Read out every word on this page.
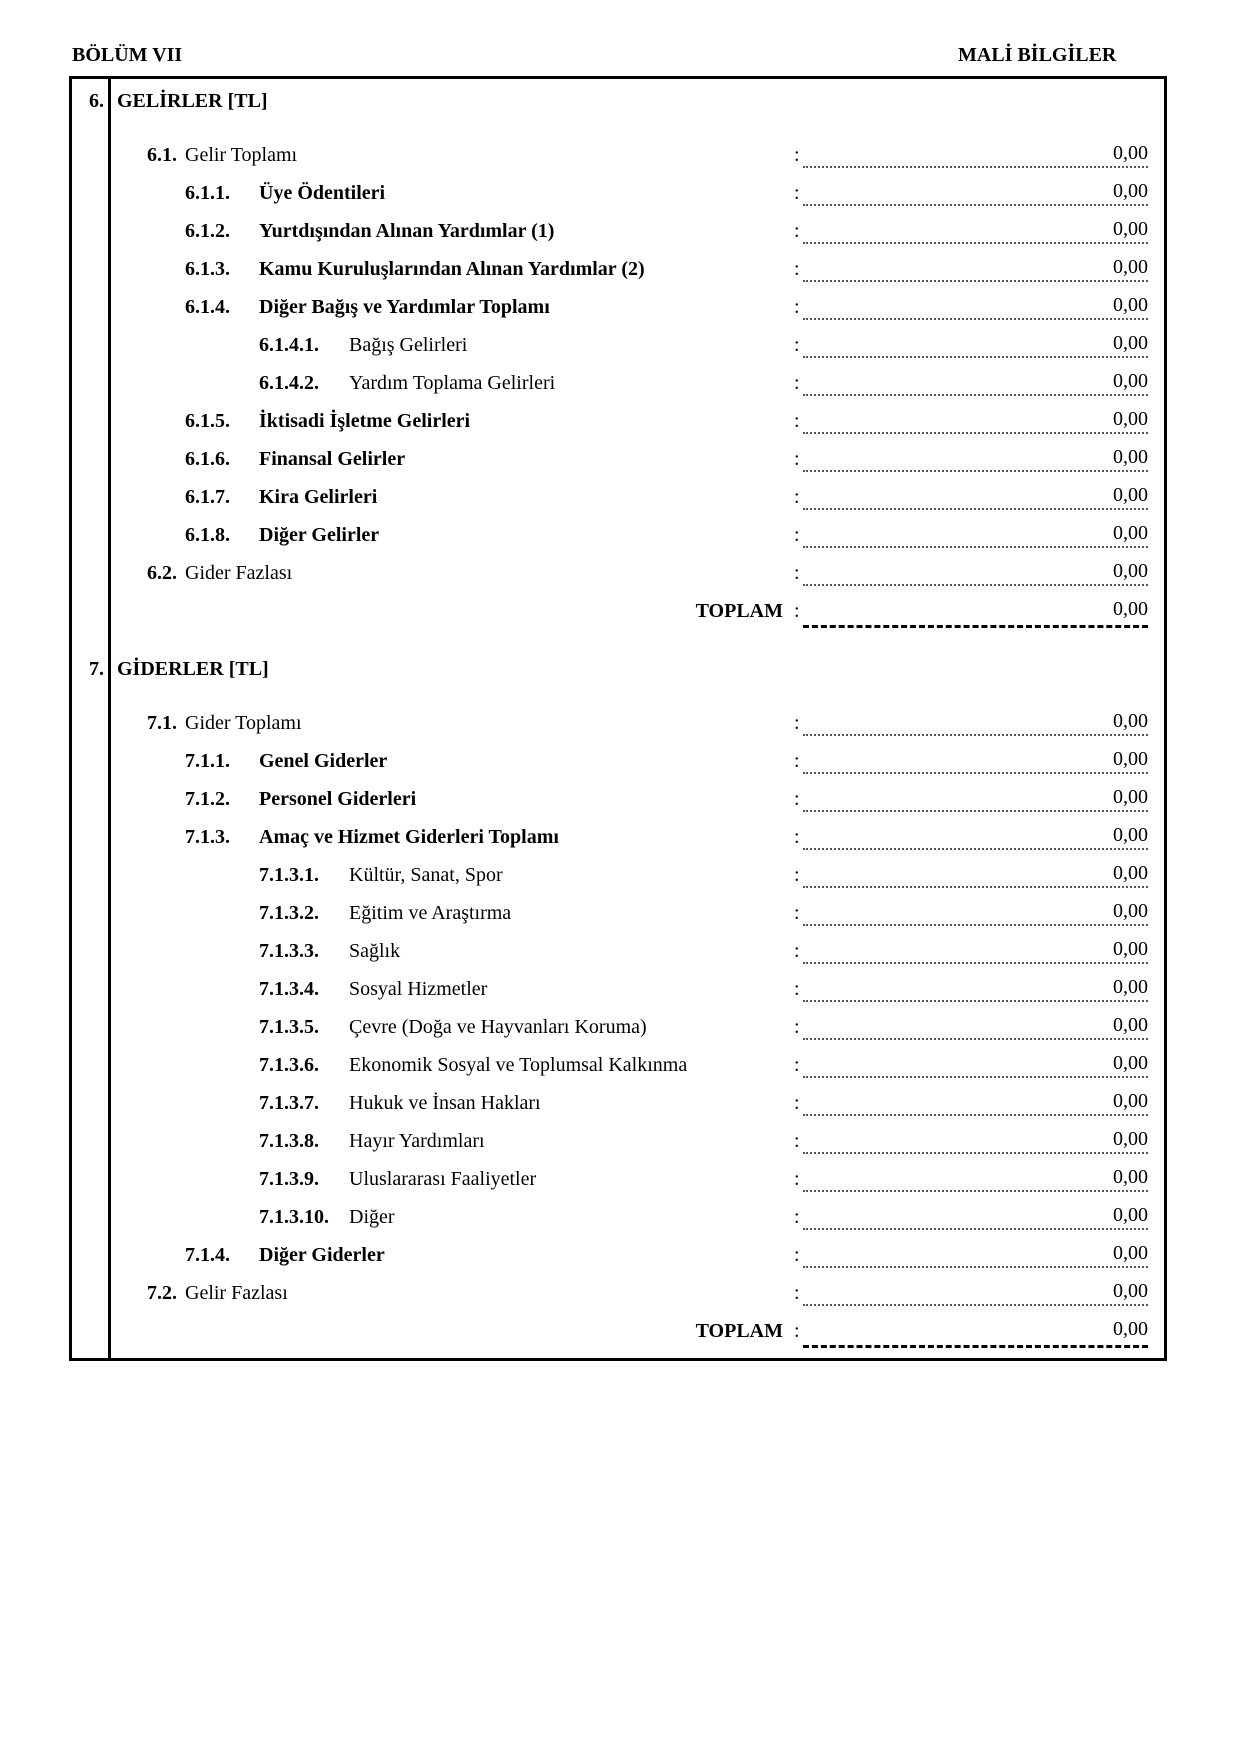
BÖLÜM VII	MALİ BİLGİLER
6. GELİRLER [TL]
6.1. Gelir Toplamı	:	0,00
6.1.1. Üye Ödentileri	:	0,00
6.1.2. Yurtdışından Alınan Yardımlar (1)	:	0,00
6.1.3. Kamu Kuruluşlarından Alınan Yardımlar (2)	:	0,00
6.1.4. Diğer Bağış ve Yardımlar Toplamı	:	0,00
6.1.4.1. Bağış Gelirleri	:	0,00
6.1.4.2. Yardım Toplama Gelirleri	:	0,00
6.1.5. İktisadi İşletme Gelirleri	:	0,00
6.1.6. Finansal Gelirler	:	0,00
6.1.7. Kira Gelirleri	:	0,00
6.1.8. Diğer Gelirler	:	0,00
6.2. Gider Fazlası	:	0,00
TOPLAM :	0,00
7. GİDERLER [TL]
7.1. Gider Toplamı	:	0,00
7.1.1. Genel Giderler	:	0,00
7.1.2. Personel Giderleri	:	0,00
7.1.3. Amaç ve Hizmet Giderleri Toplamı	:	0,00
7.1.3.1. Kültür, Sanat, Spor	:	0,00
7.1.3.2. Eğitim ve Araştırma	:	0,00
7.1.3.3. Sağlık	:	0,00
7.1.3.4. Sosyal Hizmetler	:	0,00
7.1.3.5. Çevre (Doğa ve Hayvanları Koruma)	:	0,00
7.1.3.6. Ekonomik Sosyal ve Toplumsal Kalkınma	:	0,00
7.1.3.7. Hukuk ve İnsan Hakları	:	0,00
7.1.3.8. Hayır Yardımları	:	0,00
7.1.3.9. Uluslararası Faaliyetler	:	0,00
7.1.3.10. Diğer	:	0,00
7.1.4. Diğer Giderler	:	0,00
7.2. Gelir Fazlası	:	0,00
TOPLAM :	0,00
